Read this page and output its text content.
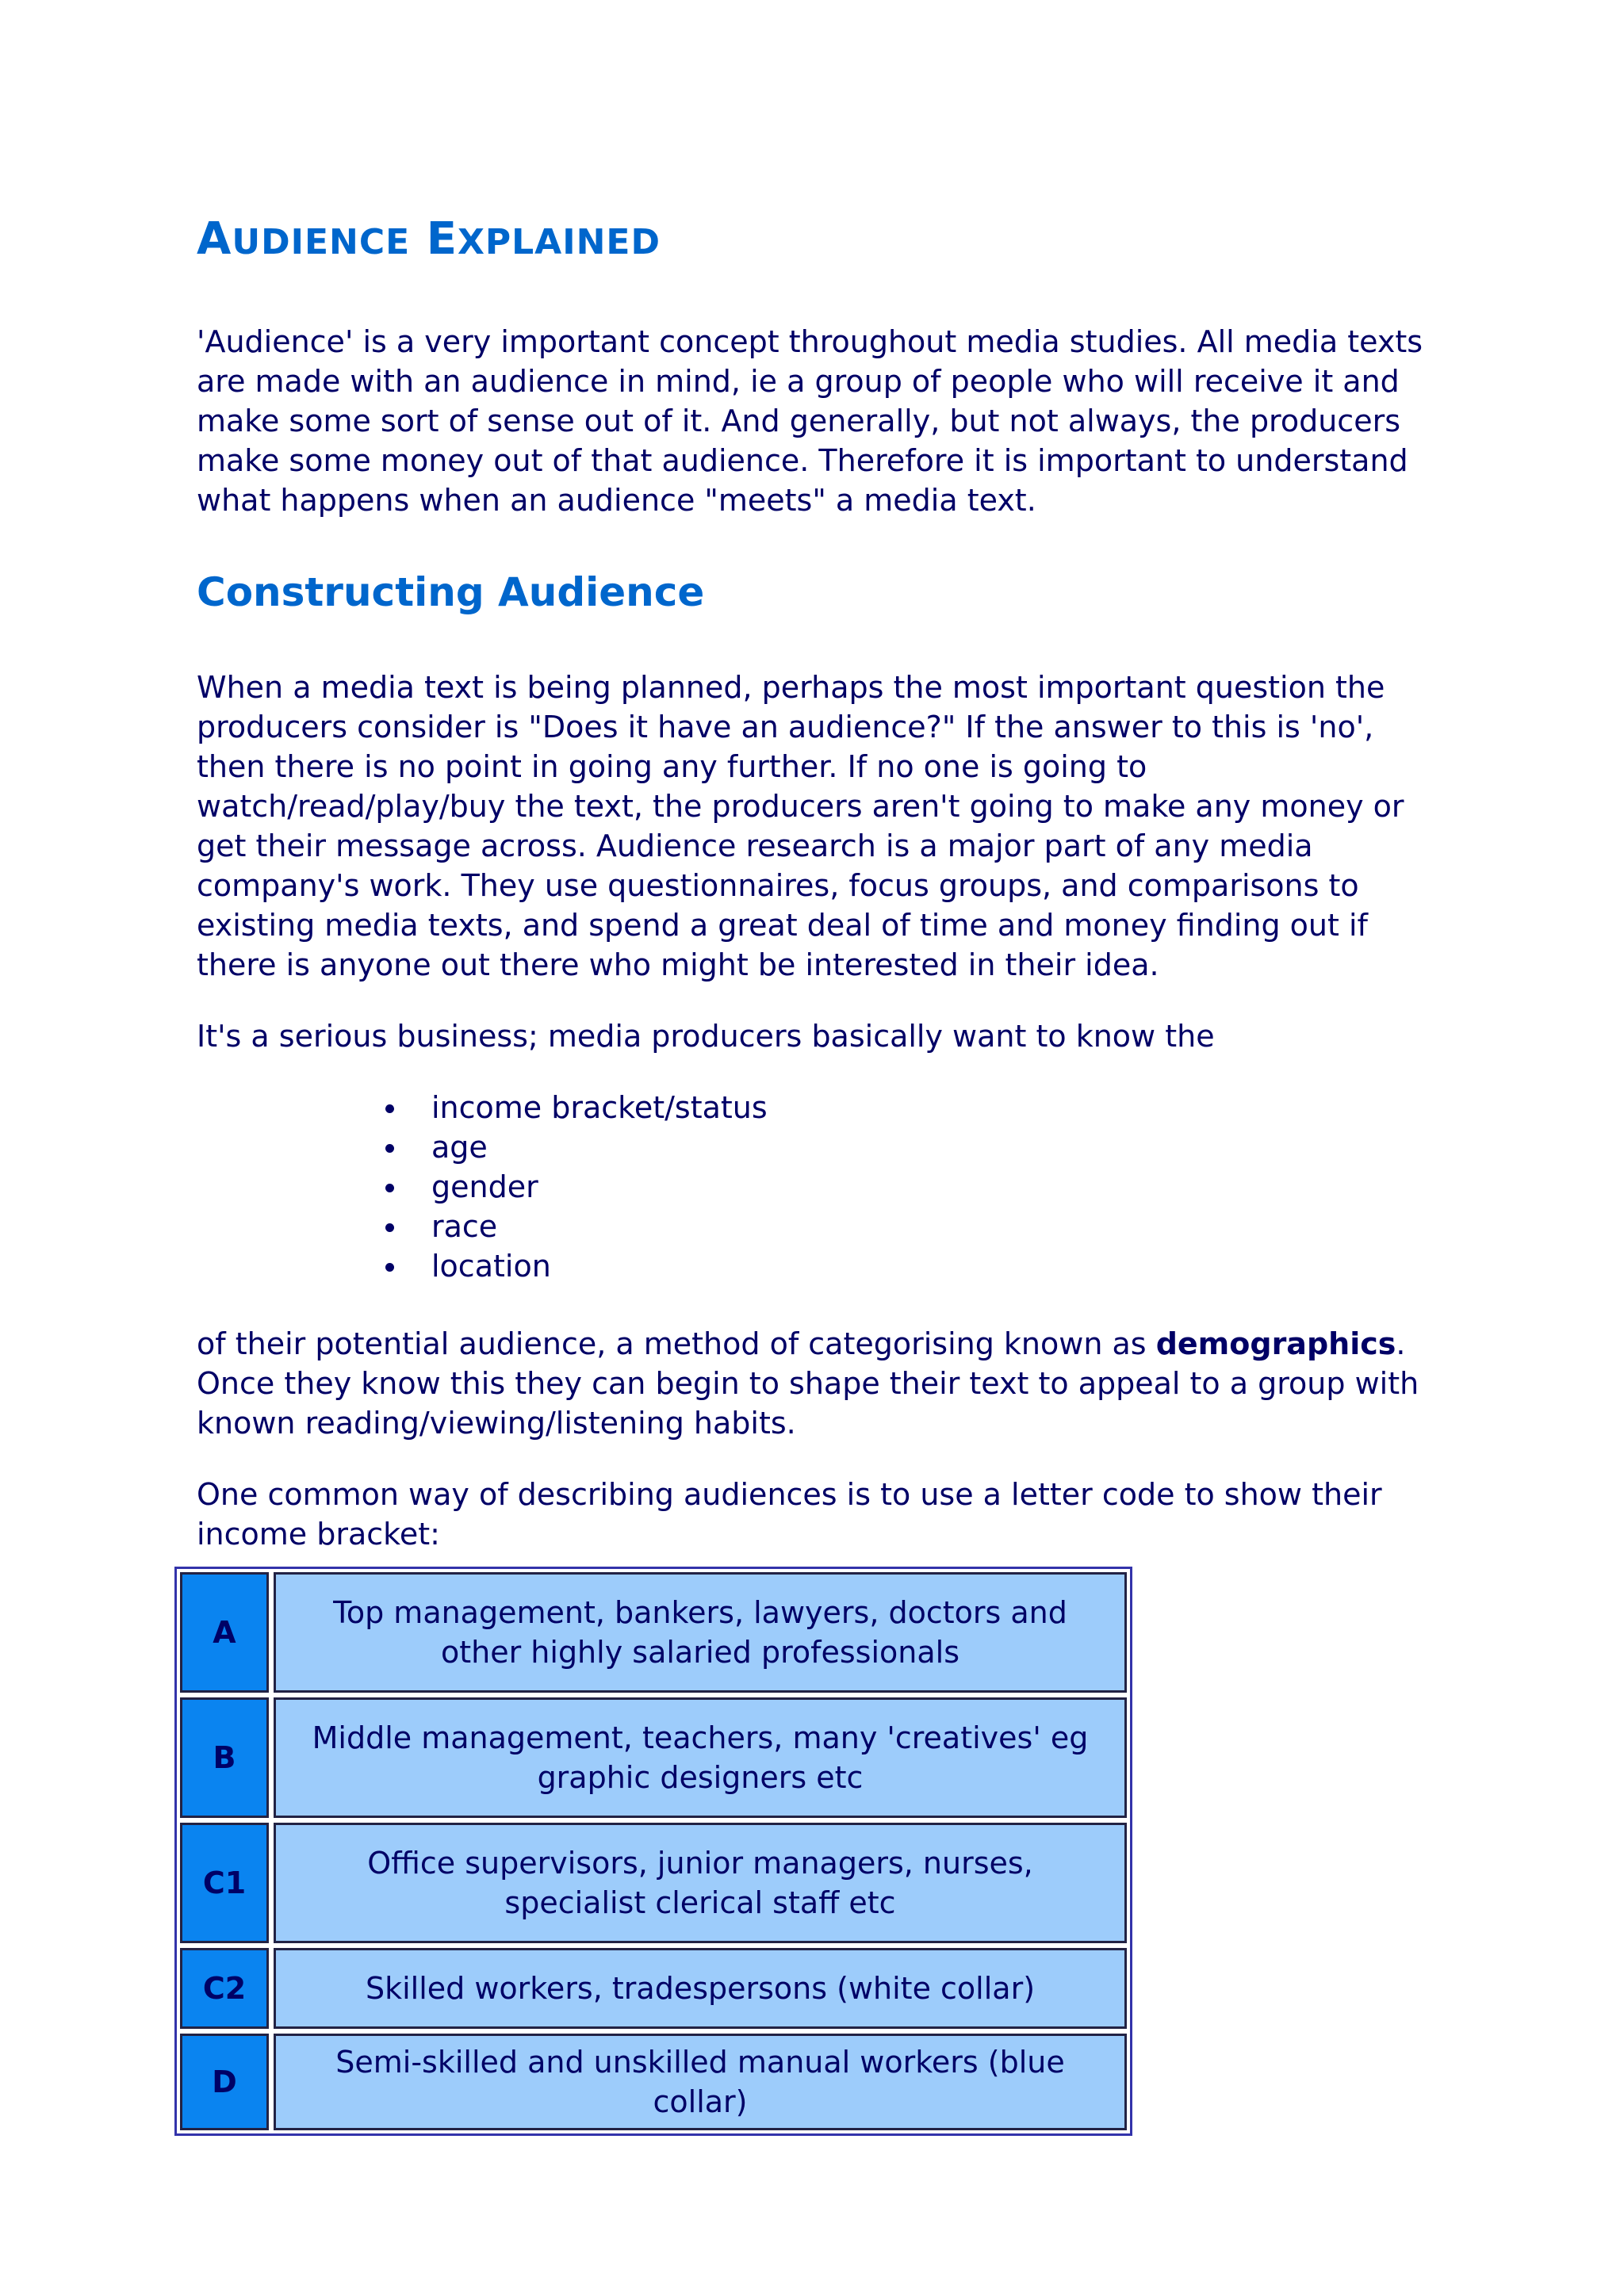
AUDIENCE EXPLAINED

'Audience' is a very important concept throughout media studies. All media texts are made with an audience in mind, ie a group of people who will receive it and make some sort of sense out of it. And generally, but not always, the producers make some money out of that audience. Therefore it is important to understand what happens when an audience "meets" a media text.

Constructing Audience

When a media text is being planned, perhaps the most important question the producers consider is "Does it have an audience?" If the answer to this is 'no', then there is no point in going any further. If no one is going to watch/read/play/buy the text, the producers aren't going to make any money or get their message across. Audience research is a major part of any media company's work. They use questionnaires, focus groups, and comparisons to existing media texts, and spend a great deal of time and money finding out if there is anyone out there who might be interested in their idea.

It's a serious business; media producers basically want to know the

income bracket/status
age
gender
race
location

of their potential audience, a method of categorising known as demographics. Once they know this they can begin to shape their text to appeal to a group with known reading/viewing/listening habits.

One common way of describing audiences is to use a letter code to show their income bracket:

A		Top management, bankers, lawyers, doctors and other highly salaried professionals
B		Middle management, teachers, many 'creatives' eg graphic designers etc
C1		Office supervisors, junior managers, nurses, specialist clerical staff etc
C2		Skilled workers, tradespersons (white collar)
D		Semi-skilled and unskilled manual workers (blue collar)
